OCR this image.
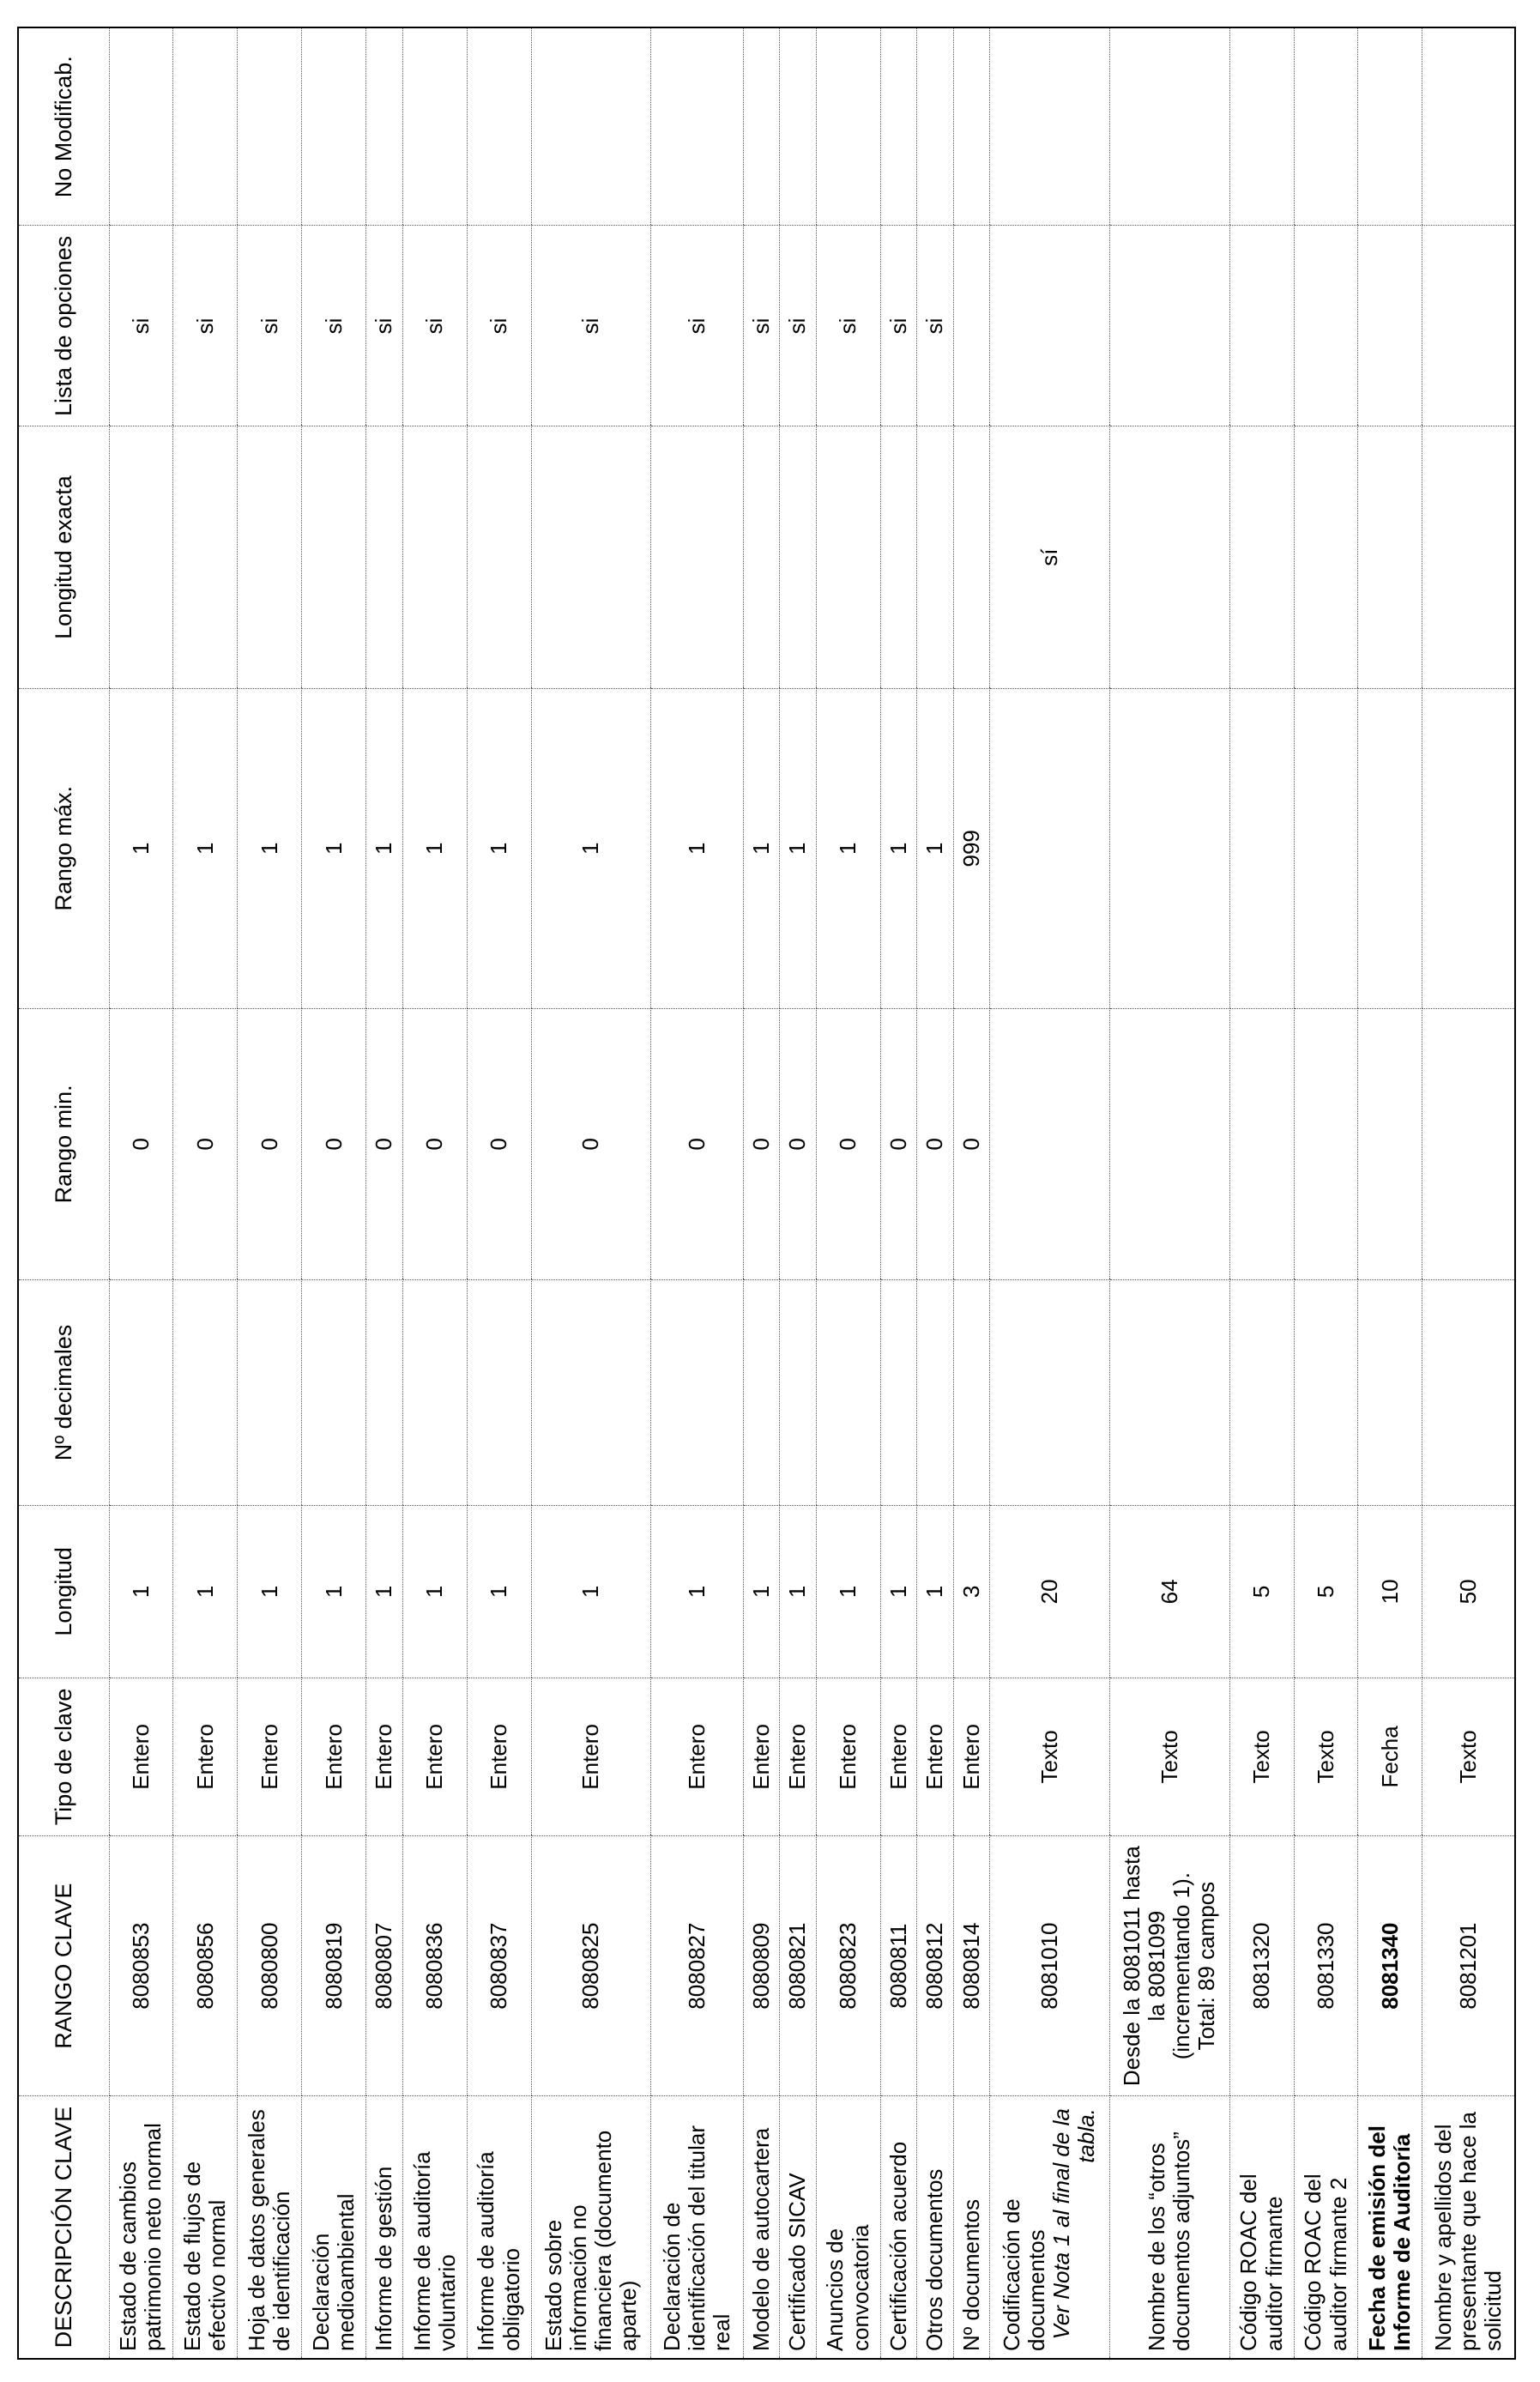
DESCRIPCIÓN CLAVE	RANGO CLAVE	Tipo de clave	Longitud	Nº decimales	Rango min.	Rango máx.	Longitud exacta	Lista de opciones	No Modificab.
Estado de cambios patrimonio neto normal	8080853	Entero	1		0	1		si	
Estado de flujos de efectivo normal	8080856	Entero	1		0	1		si	
Hoja de datos generales de identificación	8080800	Entero	1		0	1		si	
Declaración medioambiental	8080819	Entero	1		0	1		si	
Informe de gestión	8080807	Entero	1		0	1		si	
Informe de auditoría voluntario	8080836	Entero	1		0	1		si	
Informe de auditoría obligatorio	8080837	Entero	1		0	1		si	
Estado sobre información no financiera (documento aparte)	8080825	Entero	1		0	1		si	
Declaración de identificación del titular real	8080827	Entero	1		0	1		si	
Modelo de autocartera	8080809	Entero	1		0	1		si	
Certificado SICAV	8080821	Entero	1		0	1		si	
Anuncios de convocatoria	8080823	Entero	1		0	1		si	
Certificación acuerdo	8080811	Entero	1		0	1		si	
Otros documentos	8080812	Entero	1		0	1		si	
Nº documentos	8080814	Entero	3		0	999			
Codificación de documentos Ver Nota 1 al final de la tabla.	8081010	Texto	20				sí		
Nombre de los “otros documentos adjuntos”	Desde la 8081011 hasta la 8081099 (incrementando 1). Total: 89 campos	Texto	64						
Código ROAC del auditor firmante	8081320	Texto	5						
Código ROAC del auditor firmante 2	8081330	Texto	5						
Fecha de emisión del Informe de Auditoría	8081340	Fecha	10						
Nombre y apellidos del presentante que hace la solicitud	8081201	Texto	50						
